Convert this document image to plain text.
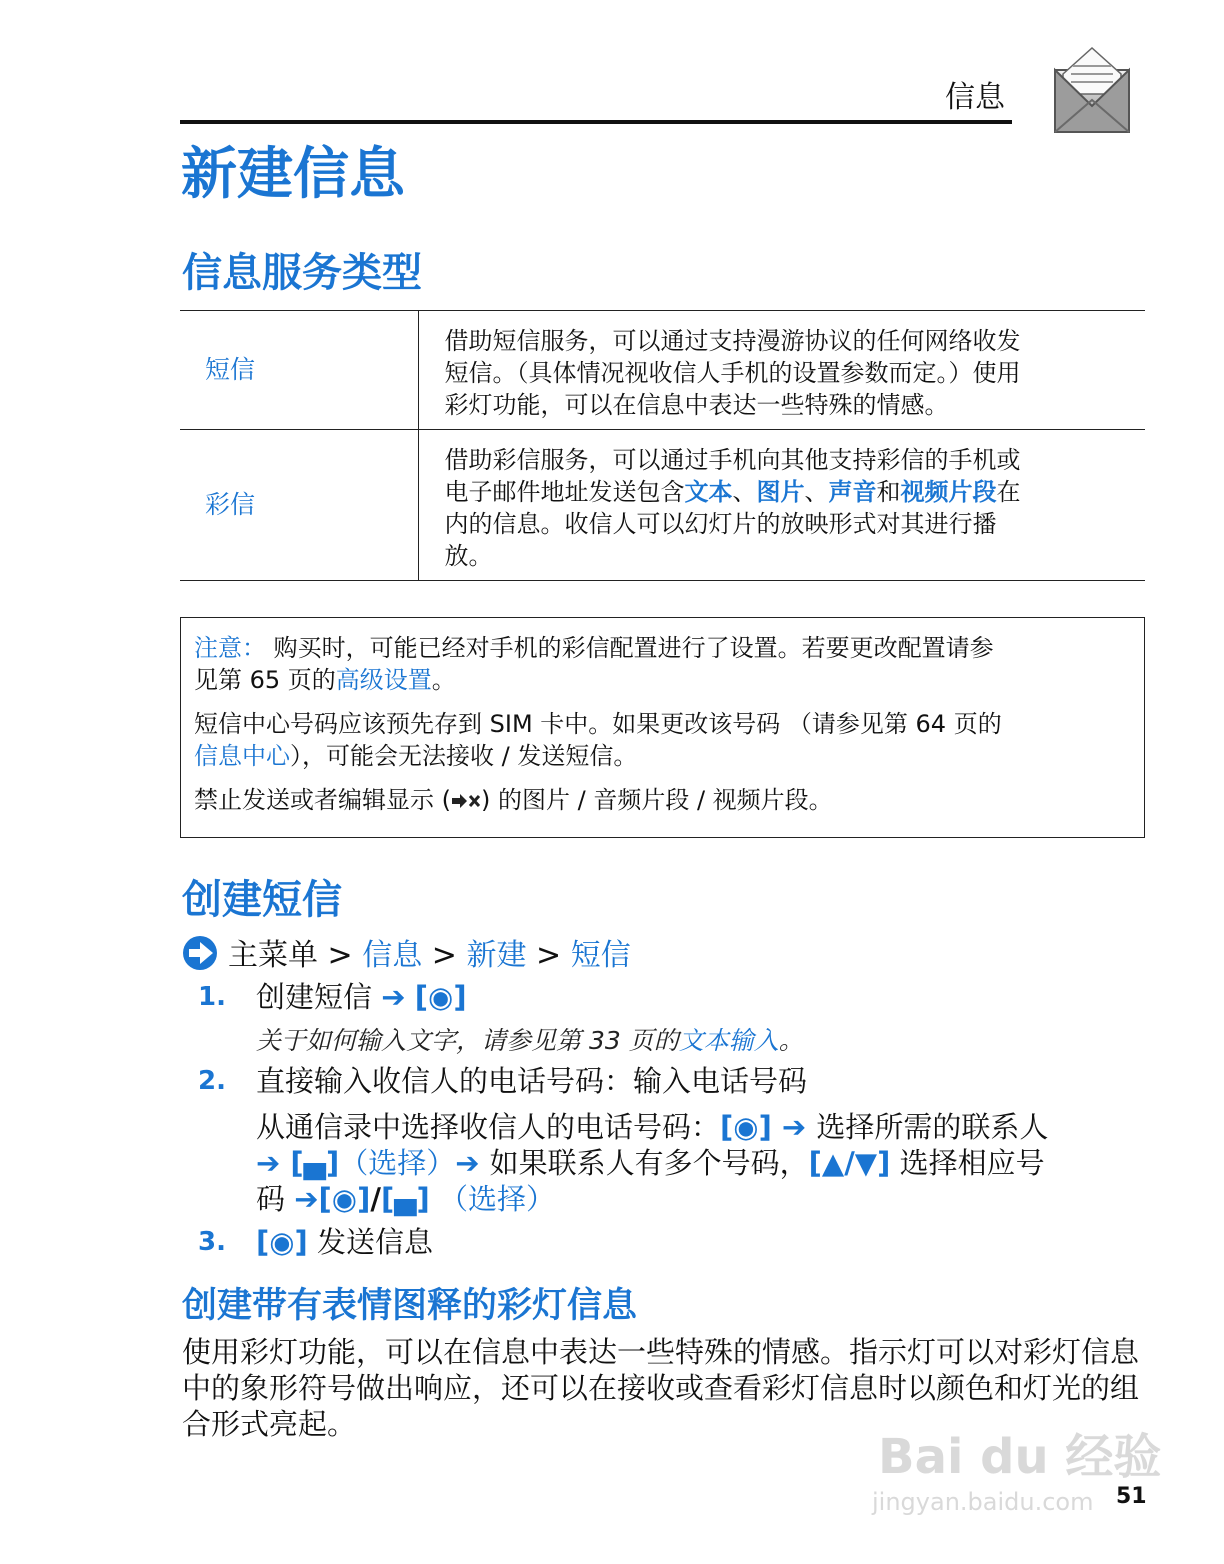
信息
新建信息
信息服务类型
短信	借助短信服务，可以通过支持漫游协议的任何网络收发
短信。（具体情况视收信人手机的设置参数而定。）使用
彩灯功能，可以在信息中表达一些特殊的情感。

彩信	借助彩信服务，可以通过手机向其他支持彩信的手机或
电子邮件地址发送包含文本、图片、声音和视频片段在
内的信息。收信人可以幻灯片的放映形式对其进行播
放。

注意： 购买时，可能已经对手机的彩信配置进行了设置。若要更改配置请参
见第 65 页的高级设置。

短信中心号码应该预先存到 SIM 卡中。如果更改该号码 （请参见第 64 页的
信息中心），可能会无法接收 / 发送短信。

禁止发送或者编辑显示 ( ) 的图片 / 音频片段 / 视频片段。

创建短信
主菜单 > 信息 > 新建 > 短信
1. 创建短信 ➔ [◉]
关于如何输入文字，请参见第 33 页的文本输入。
2. 直接输入收信人的电话号码：输入电话号码
从通信录中选择收信人的电话号码：[◉] ➔ 选择所需的联系人
➔ [▄]（选择）➔ 如果联系人有多个号码，[▲/▼] 选择相应号
码 ➔[◉]/[▄] （选择）
3. [◉] 发送信息
创建带有表情图释的彩灯信息
使用彩灯功能，可以在信息中表达一些特殊的情感。指示灯可以对彩灯信息中的象形符号做出响应，还可以在接收或查看彩灯信息时以颜色和灯光的组合形式亮起。
Bai du 经验
jingyan.baidu.com 51
